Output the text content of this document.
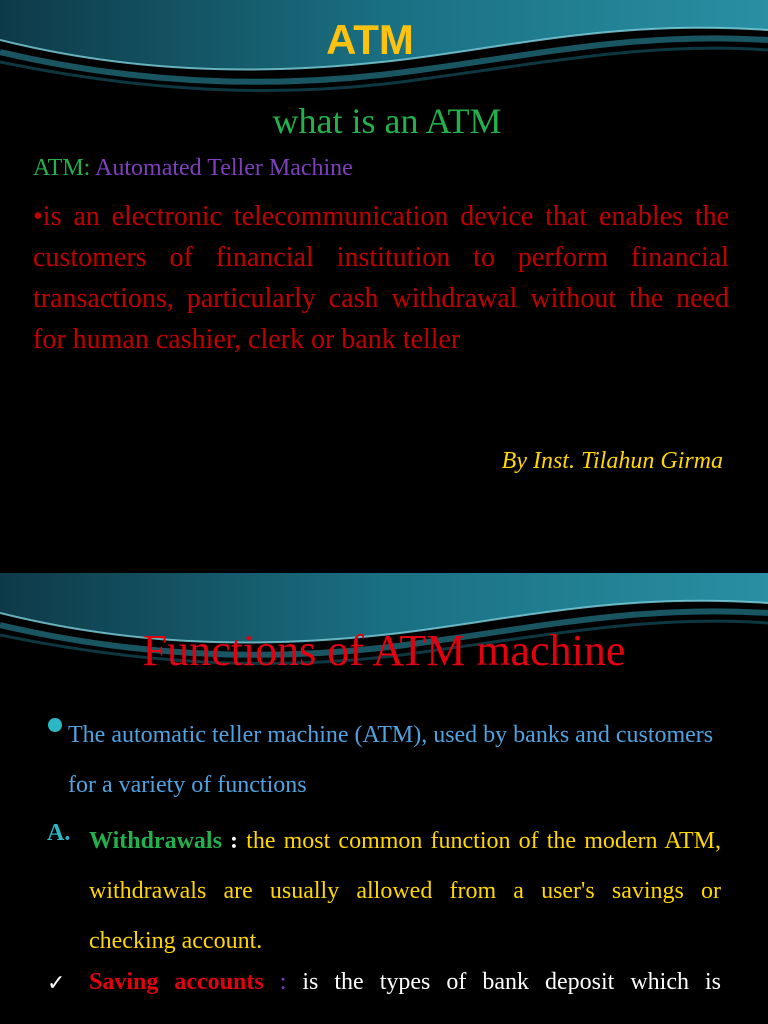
ATM
what is an ATM

ATM: Automated Teller Machine

•is an electronic telecommunication device that enables the customers of financial institution to perform financial transactions, particularly cash withdrawal without the need for human cashier, clerk or bank teller

By Inst. Tilahun Girma

Functions of ATM machine

The automatic teller machine (ATM), used by banks and customers for a variety of functions

A. Withdrawals : the most common function of the modern ATM, withdrawals are usually allowed from a user's savings or checking account.

✓ Saving accounts : is the types of bank deposit which is
